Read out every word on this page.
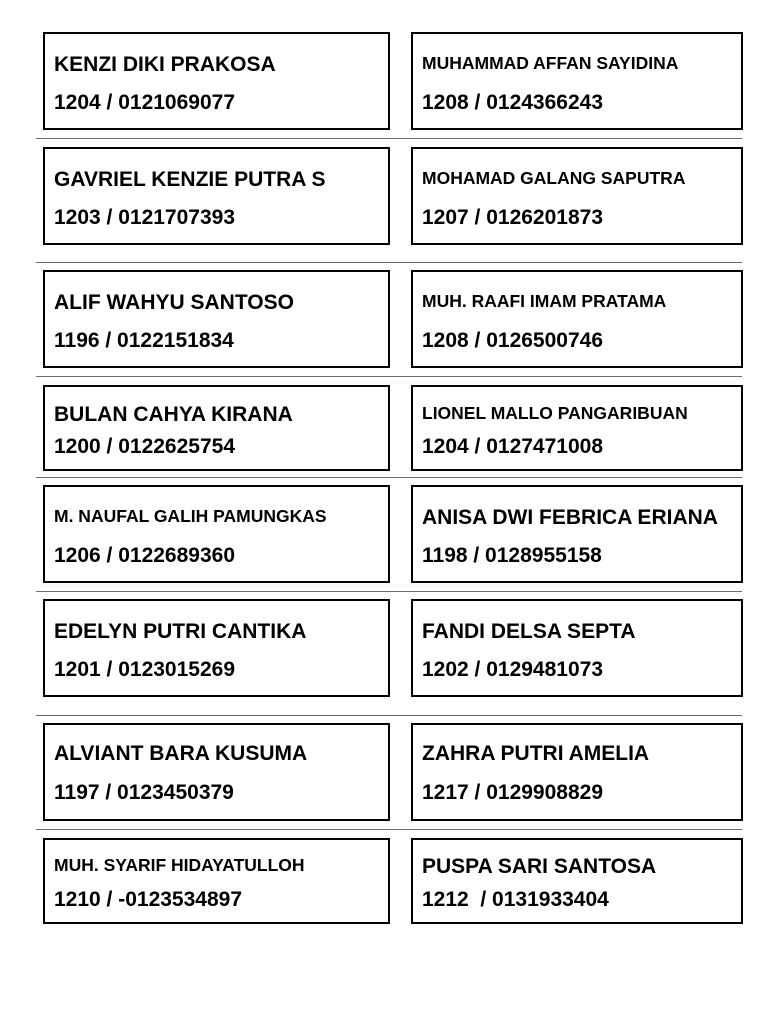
KENZI DIKI PRAKOSA
1204 / 0121069077
MUHAMMAD AFFAN SAYIDINA
1208 / 0124366243
GAVRIEL KENZIE PUTRA S
1203 / 0121707393
MOHAMAD GALANG SAPUTRA
1207 / 0126201873
ALIF WAHYU SANTOSO
1196 / 0122151834
MUH. RAAFI IMAM PRATAMA
1208 / 0126500746
BULAN CAHYA KIRANA
1200 / 0122625754
LIONEL MALLO PANGARIBUAN
1204 / 0127471008
M. NAUFAL GALIH PAMUNGKAS
1206 / 0122689360
ANISA DWI FEBRICA ERIANA
1198 / 0128955158
EDELYN PUTRI CANTIKA
1201 / 0123015269
FANDI DELSA SEPTA
1202 / 0129481073
ALVIANT BARA KUSUMA
1197 / 0123450379
ZAHRA PUTRI AMELIA
1217 / 0129908829
MUH. SYARIF HIDAYATULLOH
1210 / -0123534897
PUSPA SARI SANTOSA
1212  / 0131933404
